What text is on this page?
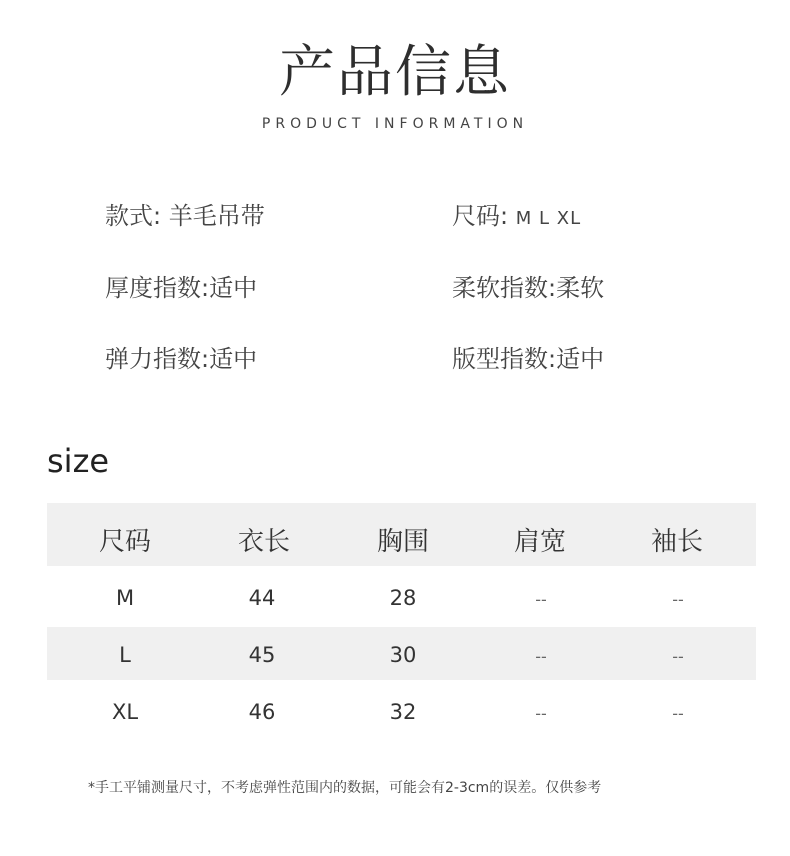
产品信息
PRODUCT INFORMATION
款式: 羊毛吊带	尺码: M L XL
厚度指数:适中	柔软指数:柔软
弹力指数:适中	版型指数:适中
size
尺码	衣长	胸围	肩宽	袖长
M	44	28	--	--
L	45	30	--	--
XL	46	32	--	--
*手工平铺测量尺寸，不考虑弹性范围内的数据，可能会有2-3cm的误差。仅供参考
